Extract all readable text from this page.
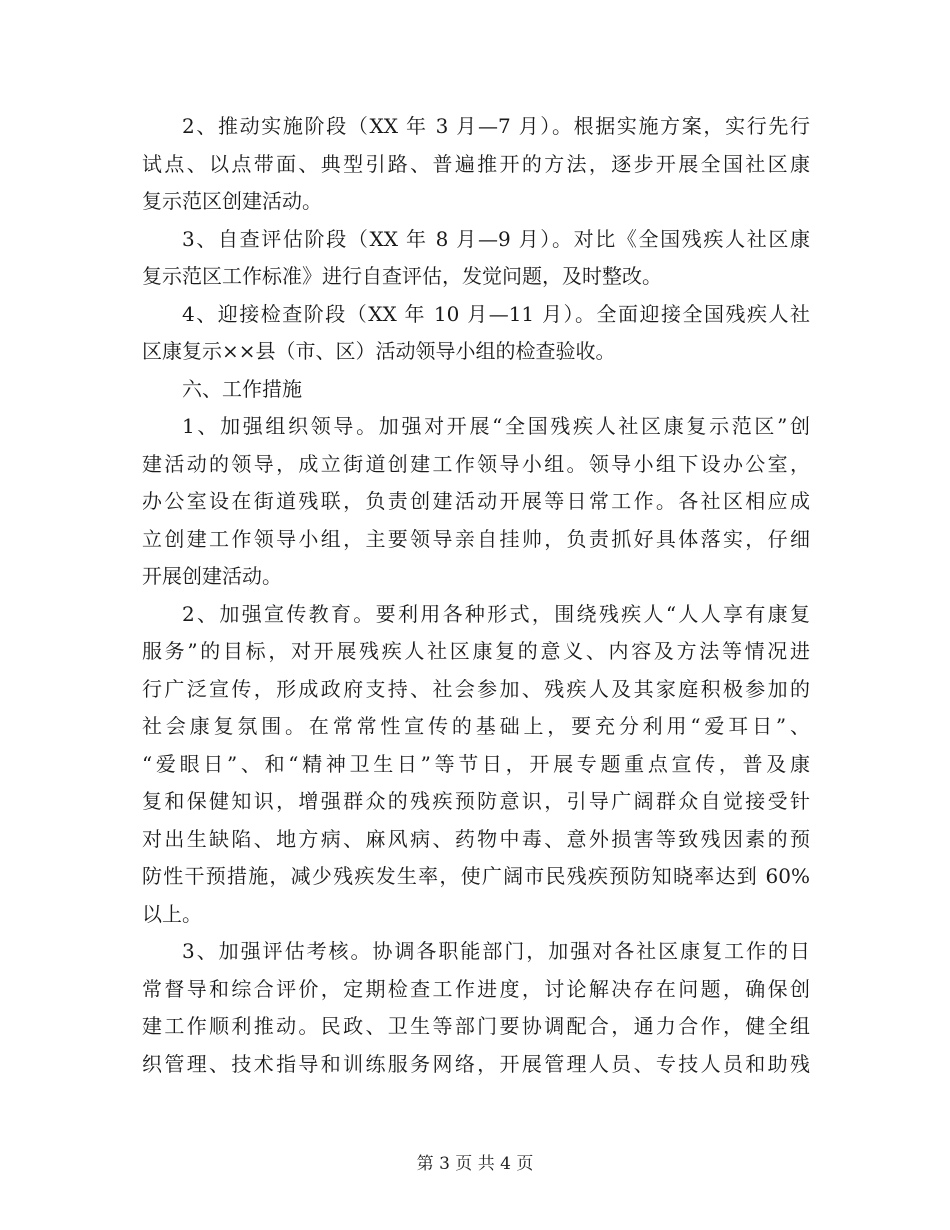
2、推动实施阶段（XX 年 3 月—7 月）。根据实施方案，实行先行
试点、以点带面、典型引路、普遍推开的方法，逐步开展全国社区康
复示范区创建活动。
3、自查评估阶段（XX 年 8 月—9 月）。对比《全国残疾人社区康
复示范区工作标准》进行自查评估，发觉问题，及时整改。
4、迎接检查阶段（XX 年 10 月—11 月）。全面迎接全国残疾人社
区康复示××县（市、区）活动领导小组的检查验收。
六、工作措施
1、加强组织领导。加强对开展“全国残疾人社区康复示范区”创
建活动的领导，成立街道创建工作领导小组。领导小组下设办公室，
办公室设在街道残联，负责创建活动开展等日常工作。各社区相应成
立创建工作领导小组，主要领导亲自挂帅，负责抓好具体落实，仔细
开展创建活动。
2、加强宣传教育。要利用各种形式，围绕残疾人“人人享有康复
服务”的目标，对开展残疾人社区康复的意义、内容及方法等情况进
行广泛宣传，形成政府支持、社会参加、残疾人及其家庭积极参加的
社会康复氛围。在常常性宣传的基础上，要充分利用“爱耳日”、
“爱眼日”、和“精神卫生日”等节日，开展专题重点宣传，普及康
复和保健知识，增强群众的残疾预防意识，引导广阔群众自觉接受针
对出生缺陷、地方病、麻风病、药物中毒、意外损害等致残因素的预
防性干预措施，减少残疾发生率，使广阔市民残疾预防知晓率达到 60%
以上。
3、加强评估考核。协调各职能部门，加强对各社区康复工作的日
常督导和综合评价，定期检查工作进度，讨论解决存在问题，确保创
建工作顺利推动。民政、卫生等部门要协调配合，通力合作，健全组
织管理、技术指导和训练服务网络，开展管理人员、专技人员和助残
第 3 页 共 4 页
